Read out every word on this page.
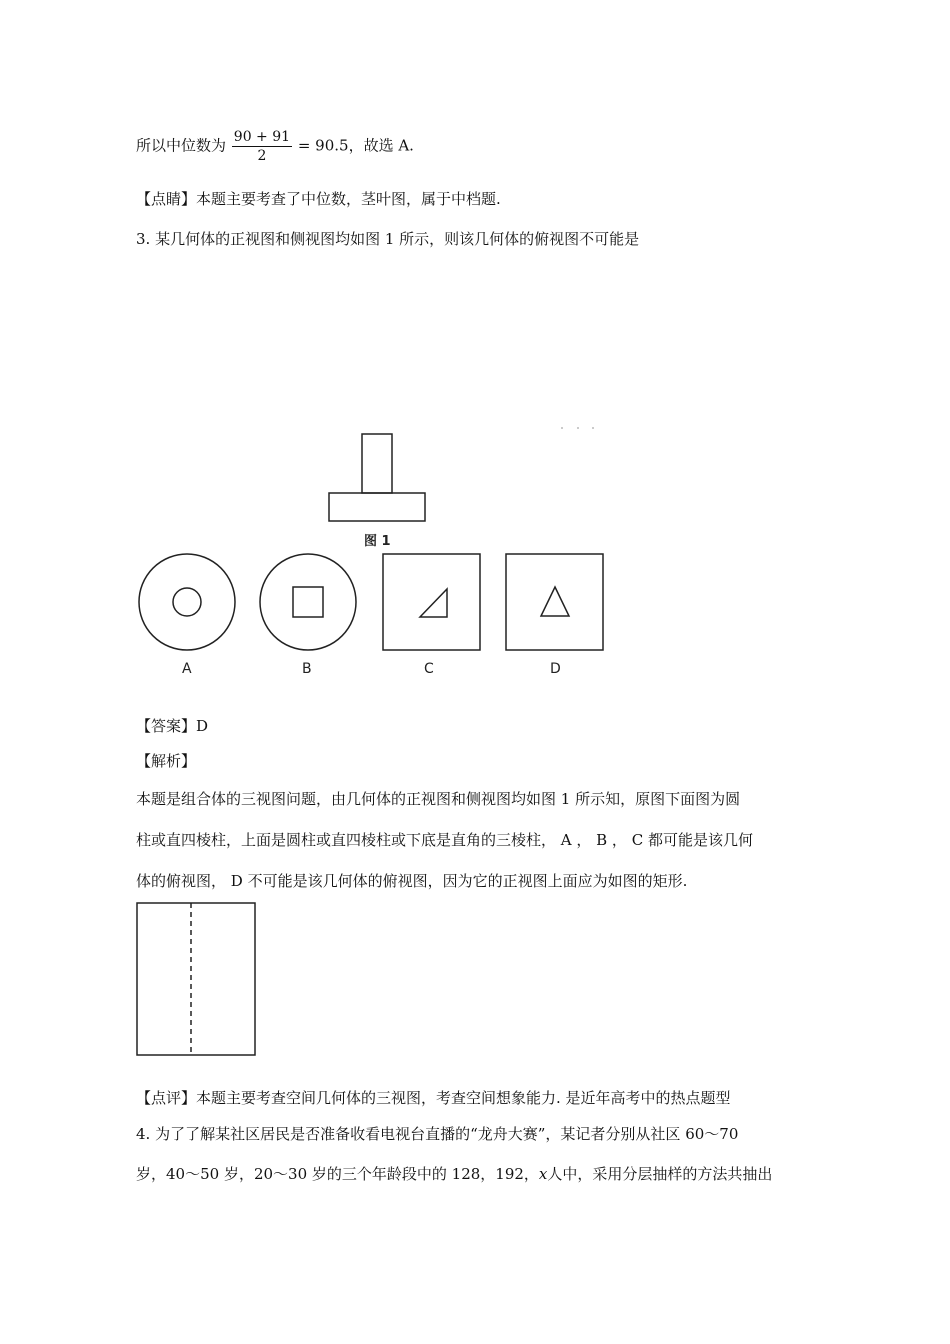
所以中位数为 $\frac{90 + 91}{2} = 90.5$，故选 A.
【点睛】本题主要考查了中位数，茎叶图，属于中档题.
3. 某几何体的正视图和侧视图均如图 1 所示，则该几何体的俯视图不可能是
图 1
A	B	C	D
【答案】D
【解析】
本题是组合体的三视图问题，由几何体的正视图和侧视图均如图 1 所示知，原图下面图为圆
柱或直四棱柱，上面是圆柱或直四棱柱或下底是直角的三棱柱， A ， B ， C 都可能是该几何
体的俯视图， D 不可能是该几何体的俯视图，因为它的正视图上面应为如图的矩形.
【点评】本题主要考查空间几何体的三视图，考查空间想象能力. 是近年高考中的热点题型
4. 为了了解某社区居民是否准备收看电视台直播的“龙舟大赛”，某记者分别从社区 60～70
岁，40～50 岁，20～30 岁的三个年龄段中的 128，192，x人中，采用分层抽样的方法共抽出
